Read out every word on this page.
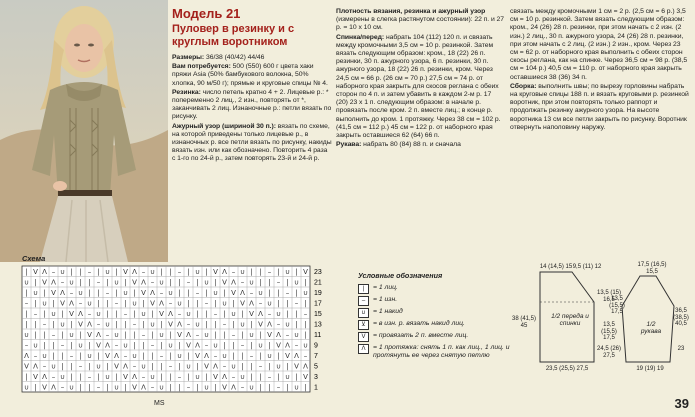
Модель 21
Пуловер в резинку и с круглым воротником

Размеры: 36/38 (40/42) 44/46

Вам потребуется: 500 (550) 600 г цвета хаки пряжи Asia (50% бамбукового волокна, 50% хлопка, 90 м/50 г); прямые и круговые спицы № 4.

Резинка: число петель кратно 4 + 2. Лицевые р.: * попеременно 2 лиц., 2 изн., повторять от *, заканчивать 2 лиц. Изнаночные р.: петли вязать по рисунку.

Ажурный узор (шириной 30 п.): вязать по схеме, на которой приведены только лицевые р., в изнаночных р. все петли вязать по рисунку, накиды вязать изн. или как обозначено. Повторить 4 раза с 1-го по 24-й р., затем повторять 23-й и 24-й р.

Плотность вязания, резинка и ажурный узор (измерены в слегка растянутом состоянии): 22 п. и 27 р. = 10 х 10 см.

Спинка/перед: набрать 104 (112) 120 п. и связать между кромочными 3,5 см = 10 р. резинкой. Затем вязать следующим образом: кром., 18 (22) 26 п. резинки, 30 п. ажурного узора, 6 п. резинки, 30 п. ажурного узора, 18 (22) 26 п. резинки, кром. Через 24,5 см = 66 р. (26 см = 70 р.) 27,5 см = 74 р. от наборного края закрыть для скосов реглана с обеих сторон по 4 п. и затем убавить в каждом 2-м р. 17 (20) 23 х 1 п. следующим образом: в начале р. провязать после кром. 2 п. вместе лиц.; в конце р. выполнить до кром. 1 протяжку. Через 38 см = 102 р. (41,5 см = 112 р.) 45 см = 122 р. от наборного края закрыть оставшиеся 62 (64) 66 п.

Рукава: набрать 80 (84) 88 п. и сначала

связать между кромочными 1 см = 2 р. (2,5 см = 6 р.) 3,5 см = 10 р. резинкой. Затем вязать следующим образом: кром., 24 (26) 28 п. резинки, при этом начать с 2 изн. (2 изн.) 2 лиц., 30 п. ажурного узора, 24 (26) 28 п. резинки, при этом начать с 2 лиц. (2 изн.) 2 изн., кром. Через 23 см = 62 р. от наборного края выполнить с обеих сторон скосы реглана, как на спинке. Через 36,5 см = 98 р. (38,5 см = 104 р.) 40,5 см = 110 р. от наборного края закрыть оставшиеся 38 (36) 34 п.

Сборка: выполнить швы; по вырезу горловины набрать на круговые спицы 188 п. и вязать круговыми р. резинкой воротник, при этом повторять только раппорт и продолжать резинку ажурного узора. На высоте воротника 13 см все петли закрыть по рисунку. Воротник отвернуть наполовину наружу.

Схема
| V Λ – ∪ | | – | ∪ | V Λ – ∪ | | – | ∪ | V Λ – ∪ | | – | ∪ | V
∪ | V Λ – ∪ | | – | ∪ | V Λ – ∪ | | – | ∪ | V Λ – ∪ | | – | ∪ |
| ∪ | V Λ – ∪ | | – | ∪ | V Λ – ∪ | | – | ∪ | V Λ – ∪ | | – | ∪
– | ∪ | V Λ – ∪ | | – | ∪ | V Λ – ∪ | | – | ∪ | V Λ – ∪ | | – |
| – | ∪ | V Λ – ∪ | | – | ∪ | V Λ – ∪ | | – | ∪ | V Λ – ∪ | | –
| | – | ∪ | V Λ – ∪ | | – | ∪ | V Λ – ∪ | | – | ∪ | V Λ – ∪ | |
∪ | | – | ∪ | V Λ – ∪ | | – | ∪ | V Λ – ∪ | | – | ∪ | V Λ – ∪ |
– ∪ | | – | ∪ | V Λ – ∪ | | – | ∪ | V Λ – ∪ | | – | ∪ | V Λ – ∪
Λ – ∪ | | – | ∪ | V Λ – ∪ | | – | ∪ | V Λ – ∪ | | – | ∪ | V Λ –
V Λ – ∪ | | – | ∪ | V Λ – ∪ | | – | ∪ | V Λ – ∪ | | – | ∪ | V Λ
| V Λ – ∪ | | – | ∪ | V Λ – ∪ | | – | ∪ | V Λ – ∪ | | – | ∪ | V
∪ | V Λ – ∪ | | – | ∪ | V Λ – ∪ | | – | ∪ | V Λ – ∪ | | – | ∪ |
23
21
19
17
15
13
11
9
7
5
3
1
MS
Условные обозначения
|	= 1 лиц.
–	= 1 изн.
∪	= 1 накид
⊻	= в изн. р. вязать накид лиц.
V	= провязать 2 п. вместе лиц.
Λ	= 1 протяжка: снять 1 п. как лиц., 1 лиц. и протянуть ее через снятую петлю
14 (14,5) 15 9,5 (11) 12
13,5 (15) 16,5
38 (41,5) 45	13,5 (15,5) 17,5
24,5 (26) 27,5
23,5 (25,5) 27,5
1/2 переда и спинки
17,5 (16,5) 15,5
13,5 (15,5) 17,5	36,5 (38,5) 40,5
23
19 (19) 19
1/2 рукава
39
